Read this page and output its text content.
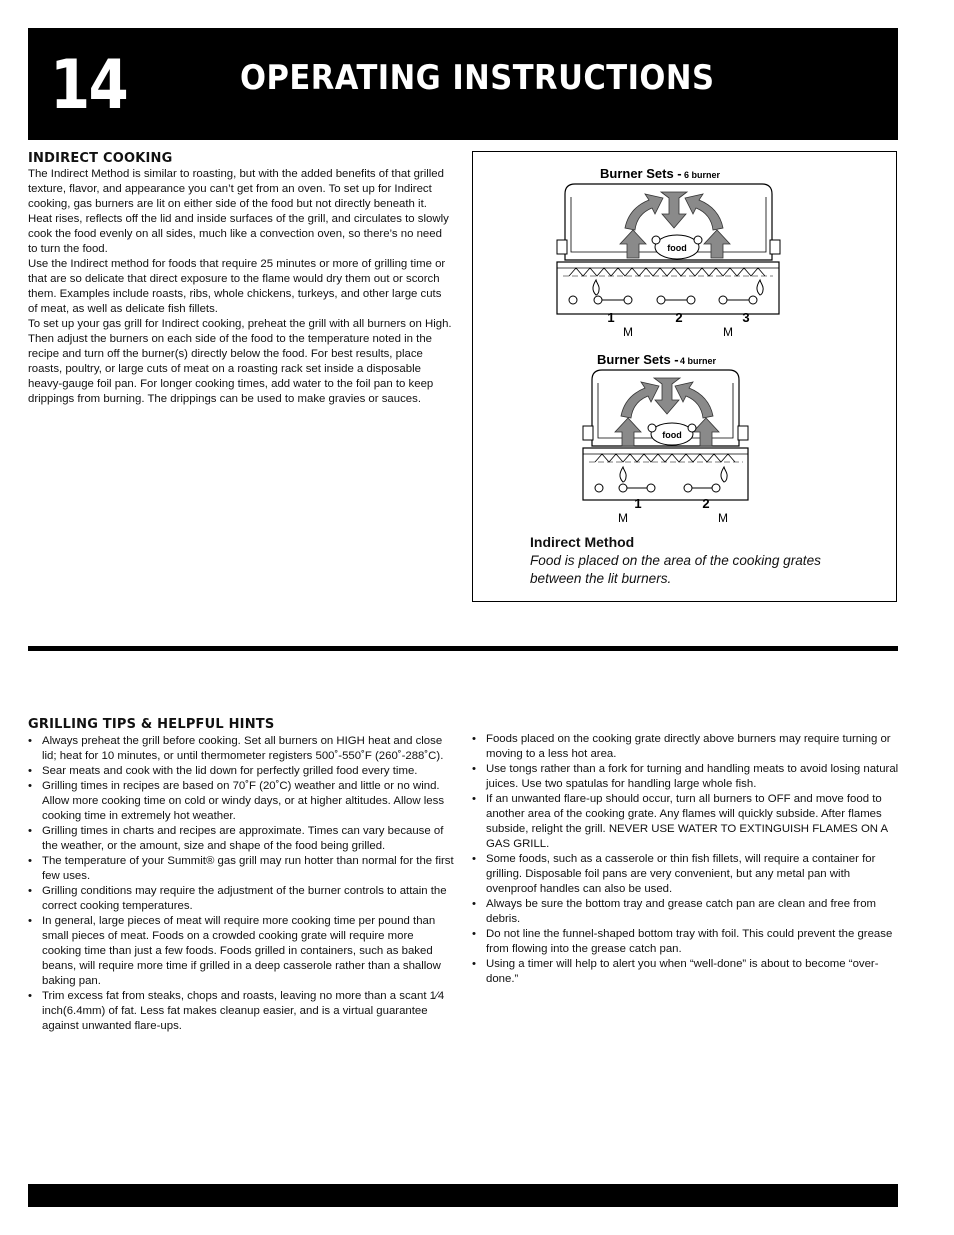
14	OPERATING INSTRUCTIONS
INDIRECT COOKING

The Indirect Method is similar to roasting, but with the added benefits of that grilled texture, flavor, and appearance you can’t get from an oven. To set up for Indirect cooking, gas burners are lit on either side of the food but not directly beneath it. Heat rises, reflects off the lid and inside surfaces of the grill, and circulates to slowly cook the food evenly on all sides, much like a convection oven, so there’s no need to turn the food.

Use the Indirect method for foods that require 25 minutes or more of grilling time or that are so delicate that direct exposure to the flame would dry them out or scorch them. Examples include roasts, ribs, whole chickens, turkeys, and other large cuts of meat, as well as delicate fish fillets.

To set up your gas grill for Indirect cooking, preheat the grill with all burners on High. Then adjust the burners on each side of the food to the temperature noted in the recipe and turn off the burner(s) directly below the food. For best results, place roasts, poultry, or large cuts of meat on a roasting rack set inside a disposable heavy-gauge foil pan. For longer cooking times, add water to the foil pan to keep drippings from burning. The drippings can be used to make gravies or sauces.

Burner Sets - 6 burner
food
1	2	3
M	M
Burner Sets - 4 burner
food
1	2
M	M
Indirect Method
Food is placed on the area of the cooking grates between the lit burners.
GRILLING TIPS & HELPFUL HINTS
• Always preheat the grill before cooking. Set all burners on HIGH heat and close lid; heat for 10 minutes, or until thermometer registers 500˚-550˚F (260˚-288˚C).
• Sear meats and cook with the lid down for perfectly grilled food every time.
• Grilling times in recipes are based on 70˚F (20˚C) weather and little or no wind. Allow more cooking time on cold or windy days, or at higher altitudes. Allow less cooking time in extremely hot weather.
• Grilling times in charts and recipes are approximate. Times can vary because of the weather, or the amount, size and shape of the food being grilled.
• The temperature of your Summit® gas grill may run hotter than normal for the first few uses.
• Grilling conditions may require the adjustment of the burner controls to attain the correct cooking temperatures.
• In general, large pieces of meat will require more cooking time per pound than small pieces of meat. Foods on a crowded cooking grate will require more cooking time than just a few foods. Foods grilled in containers, such as baked beans, will require more time if grilled in a deep casserole rather than a shallow baking pan.
• Trim excess fat from steaks, chops and roasts, leaving no more than a scant 1⁄4 inch(6.4mm) of fat. Less fat makes cleanup easier, and is a virtual guarantee against unwanted flare-ups.
• Foods placed on the cooking grate directly above burners may require turning or moving to a less hot area.
• Use tongs rather than a fork for turning and handling meats to avoid losing natural juices. Use two spatulas for handling large whole fish.
• If an unwanted flare-up should occur, turn all burners to OFF and move food to another area of the cooking grate. Any flames will quickly subside. After flames subside, relight the grill. NEVER USE WATER TO EXTINGUISH FLAMES ON A GAS GRILL.
• Some foods, such as a casserole or thin fish fillets, will require a container for grilling. Disposable foil pans are very convenient, but any metal pan with ovenproof handles can also be used.
• Always be sure the bottom tray and grease catch pan are clean and free from debris.
• Do not line the funnel-shaped bottom tray with foil. This could prevent the grease from flowing into the grease catch pan.
• Using a timer will help to alert you when “well-done” is about to become “over-done.”
